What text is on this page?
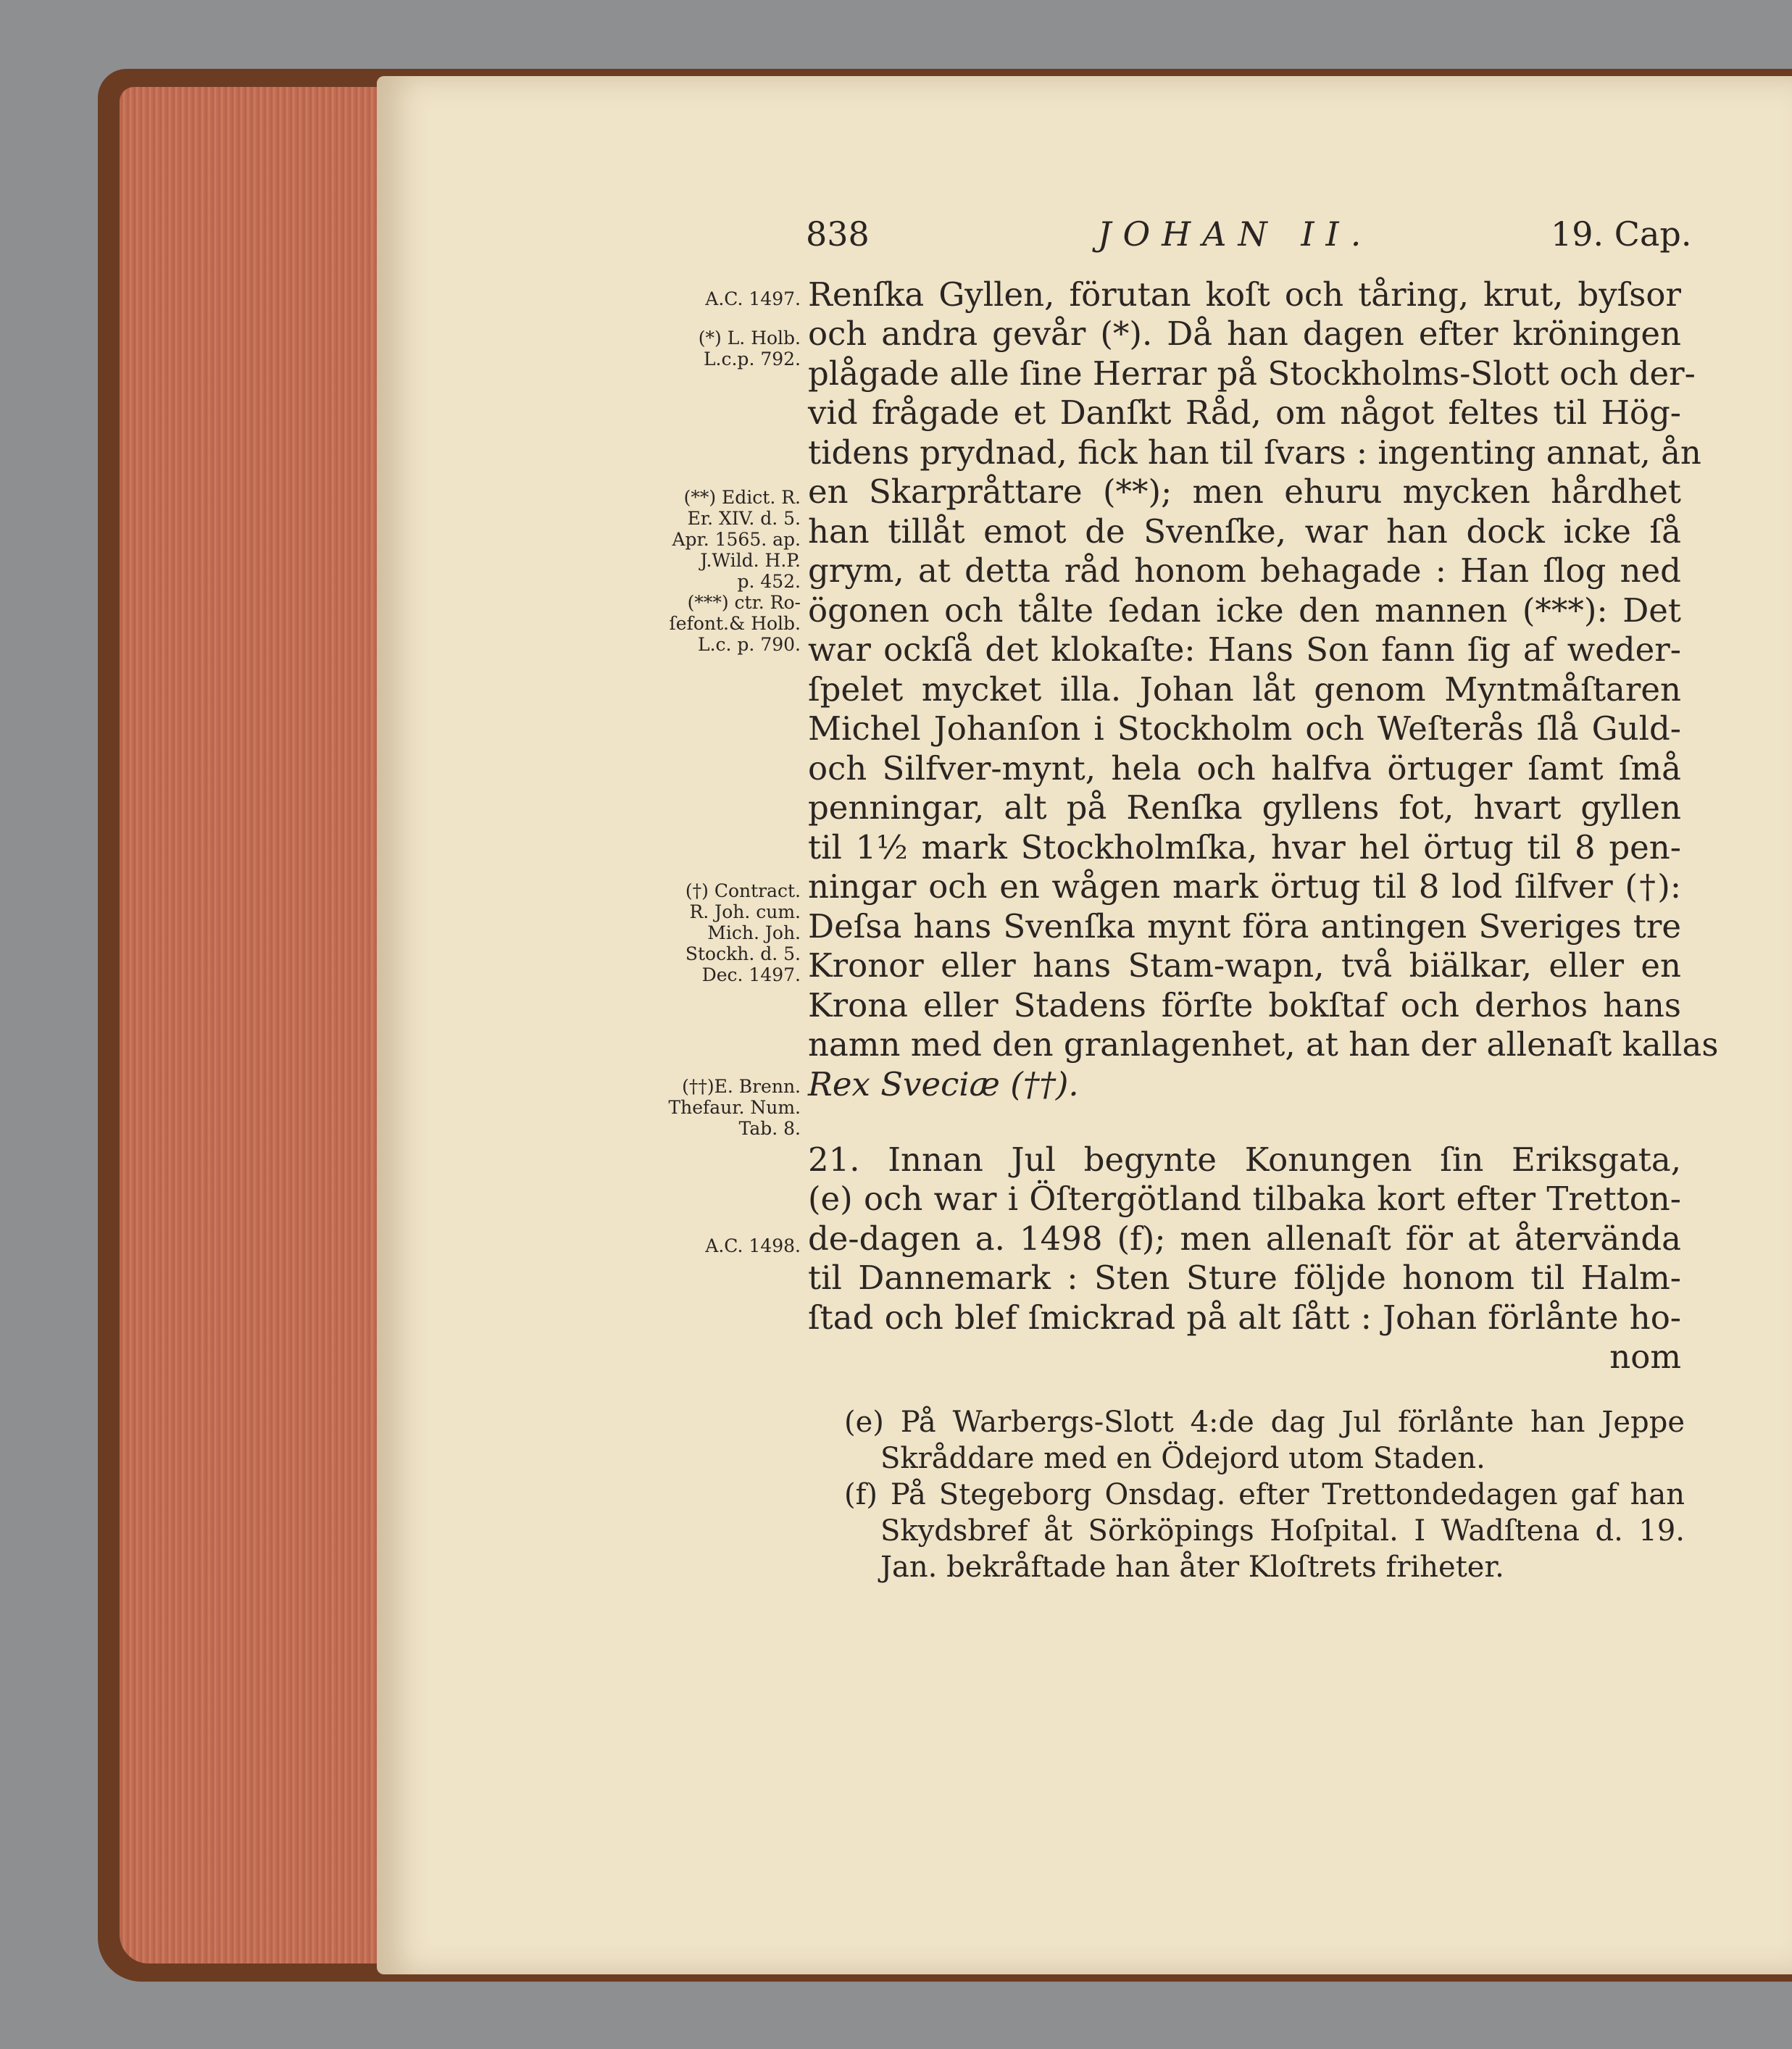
838	JOHAN II.	19. Cap.
Renſka Gyllen, förutan koſt och tåring, krut, byſsor
och andra gevår (*). Då han dagen efter kröningen
plågade alle ſine Herrar på Stockholms-Slott och der-
vid frågade et Danſkt Råd, om något feltes til Hög-
tidens prydnad, fick han til ſvars : ingenting annat, ån
en Skarpråttare (**); men ehuru mycken hårdhet
han tillåt emot de Svenſke, war han dock icke ſå
grym, at detta råd honom behagade : Han ſlog ned
ögonen och tålte ſedan icke den mannen (***): Det
war ockſå det klokaſte: Hans Son fann ſig af weder-
ſpelet mycket illa. Johan låt genom Myntmåſtaren
Michel Johanſon i Stockholm och Weſterås ſlå Guld-
och Silfver-mynt, hela och halfva örtuger ſamt ſmå
penningar, alt på Renſka gyllens fot, hvart gyllen
til 1½ mark Stockholmſka, hvar hel örtug til 8 pen-
ningar och en wågen mark örtug til 8 lod ſilfver (†):
Deſsa hans Svenſka mynt föra antingen Sveriges tre
Kronor eller hans Stam-wapn, två biälkar, eller en
Krona eller Stadens förſte bokſtaf och derhos hans
namn med den granlagenhet, at han der allenaſt kallas
Rex Sveciæ (††).
21. Innan Jul begynte Konungen ſin Eriksgata,
(e) och war i Öſtergötland tilbaka kort efter Tretton-
de-dagen a. 1498 (f); men allenaſt för at återvända
til Dannemark : Sten Sture följde honom til Halm-
ſtad och blef ſmickrad på alt ſått : Johan förlånte ho-
nom
A.C. 1497.
(*) L. Holb.
L.c.p. 792.
(**) Edict. R.
Er. XIV. d. 5.
Apr. 1565. ap.
J.Wild. H.P.
p. 452.
(***) ctr. Ro-
ſefont.& Holb.
L.c. p. 790.
(†) Contract.
R. Joh. cum.
Mich. Joh.
Stockh. d. 5.
Dec. 1497.
(††)E. Brenn.
Thefaur. Num.
Tab. 8.
A.C. 1498.
(e) På Warbergs-Slott 4:de dag Jul förlånte han Jeppe
Skråddare med en Ödejord utom Staden.
(f) På Stegeborg Onsdag. efter Trettondedagen gaf han
Skydsbref åt Sörköpings Hoſpital. I Wadſtena d. 19.
Jan. bekråftade han åter Kloſtrets friheter.
